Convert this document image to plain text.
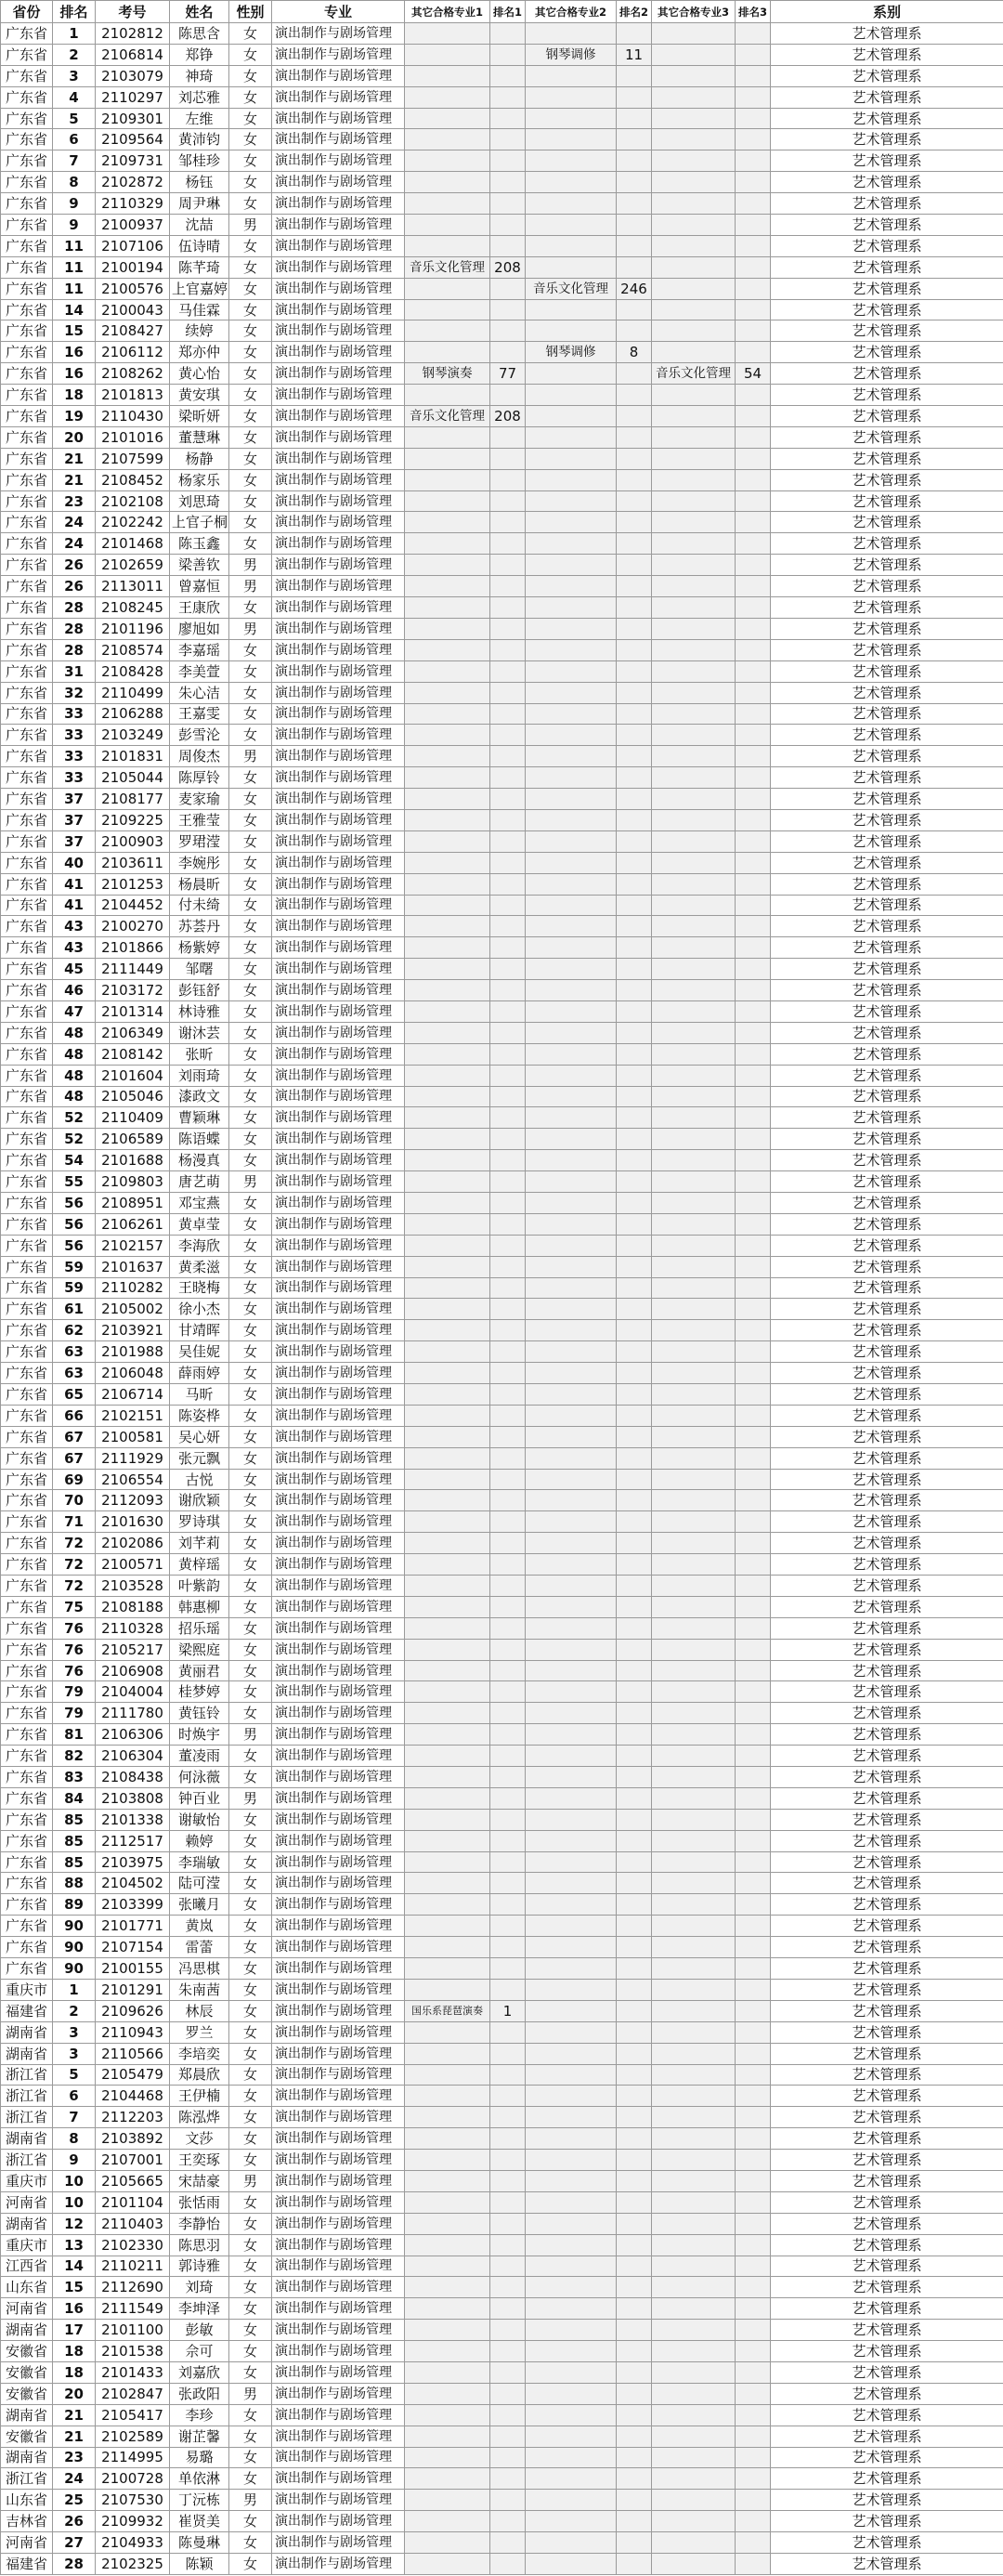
省份	排名	考号	姓名	性别	专业	其它合格专业1	排名1	其它合格专业2	排名2	其它合格专业3	排名3	系别
广东省	1	2102812	陈思含	女	演出制作与剧场管理							艺术管理系
广东省	2	2106814	郑铮	女	演出制作与剧场管理			钢琴调修	11			艺术管理系
广东省	3	2103079	神琦	女	演出制作与剧场管理							艺术管理系
广东省	4	2110297	刘芯雅	女	演出制作与剧场管理							艺术管理系
广东省	5	2109301	左维	女	演出制作与剧场管理							艺术管理系
广东省	6	2109564	黄沛钧	女	演出制作与剧场管理							艺术管理系
广东省	7	2109731	邹桂珍	女	演出制作与剧场管理							艺术管理系
广东省	8	2102872	杨钰	女	演出制作与剧场管理							艺术管理系
广东省	9	2110329	周尹琳	女	演出制作与剧场管理							艺术管理系
广东省	9	2100937	沈喆	男	演出制作与剧场管理							艺术管理系
广东省	11	2107106	伍诗晴	女	演出制作与剧场管理							艺术管理系
广东省	11	2100194	陈芊琦	女	演出制作与剧场管理	音乐文化管理	208					艺术管理系
广东省	11	2100576	上官嘉婷	女	演出制作与剧场管理			音乐文化管理	246			艺术管理系
广东省	14	2100043	马佳霖	女	演出制作与剧场管理							艺术管理系
广东省	15	2108427	续婷	女	演出制作与剧场管理							艺术管理系
广东省	16	2106112	郑亦仲	女	演出制作与剧场管理			钢琴调修	8			艺术管理系
广东省	16	2108262	黄心怡	女	演出制作与剧场管理	钢琴演奏	77			音乐文化管理	54	艺术管理系
广东省	18	2101813	黄安琪	女	演出制作与剧场管理							艺术管理系
广东省	19	2110430	梁昕妍	女	演出制作与剧场管理	音乐文化管理	208					艺术管理系
广东省	20	2101016	董慧琳	女	演出制作与剧场管理							艺术管理系
广东省	21	2107599	杨静	女	演出制作与剧场管理							艺术管理系
广东省	21	2108452	杨家乐	女	演出制作与剧场管理							艺术管理系
广东省	23	2102108	刘思琦	女	演出制作与剧场管理							艺术管理系
广东省	24	2102242	上官子桐	女	演出制作与剧场管理							艺术管理系
广东省	24	2101468	陈玉鑫	女	演出制作与剧场管理							艺术管理系
广东省	26	2102659	梁善钦	男	演出制作与剧场管理							艺术管理系
广东省	26	2113011	曾嘉恒	男	演出制作与剧场管理							艺术管理系
广东省	28	2108245	王康欣	女	演出制作与剧场管理							艺术管理系
广东省	28	2101196	廖旭如	男	演出制作与剧场管理							艺术管理系
广东省	28	2108574	李嘉瑶	女	演出制作与剧场管理							艺术管理系
广东省	31	2108428	李美萱	女	演出制作与剧场管理							艺术管理系
广东省	32	2110499	朱心洁	女	演出制作与剧场管理							艺术管理系
广东省	33	2106288	王嘉雯	女	演出制作与剧场管理							艺术管理系
广东省	33	2103249	彭雪沦	女	演出制作与剧场管理							艺术管理系
广东省	33	2101831	周俊杰	男	演出制作与剧场管理							艺术管理系
广东省	33	2105044	陈厚铃	女	演出制作与剧场管理							艺术管理系
广东省	37	2108177	麦家瑜	女	演出制作与剧场管理							艺术管理系
广东省	37	2109225	王雅莹	女	演出制作与剧场管理							艺术管理系
广东省	37	2100903	罗珺滢	女	演出制作与剧场管理							艺术管理系
广东省	40	2103611	李婉彤	女	演出制作与剧场管理							艺术管理系
广东省	41	2101253	杨晨昕	女	演出制作与剧场管理							艺术管理系
广东省	41	2104452	付未绮	女	演出制作与剧场管理							艺术管理系
广东省	43	2100270	苏荟丹	女	演出制作与剧场管理							艺术管理系
广东省	43	2101866	杨紫婷	女	演出制作与剧场管理							艺术管理系
广东省	45	2111449	邹曙	女	演出制作与剧场管理							艺术管理系
广东省	46	2103172	彭钰舒	女	演出制作与剧场管理							艺术管理系
广东省	47	2101314	林诗雅	女	演出制作与剧场管理							艺术管理系
广东省	48	2106349	谢沐芸	女	演出制作与剧场管理							艺术管理系
广东省	48	2108142	张昕	女	演出制作与剧场管理							艺术管理系
广东省	48	2101604	刘雨琦	女	演出制作与剧场管理							艺术管理系
广东省	48	2105046	漆政文	女	演出制作与剧场管理							艺术管理系
广东省	52	2110409	曹颖琳	女	演出制作与剧场管理							艺术管理系
广东省	52	2106589	陈语蝶	女	演出制作与剧场管理							艺术管理系
广东省	54	2101688	杨漫真	女	演出制作与剧场管理							艺术管理系
广东省	55	2109803	唐艺萌	男	演出制作与剧场管理							艺术管理系
广东省	56	2108951	邓宝燕	女	演出制作与剧场管理							艺术管理系
广东省	56	2106261	黄卓莹	女	演出制作与剧场管理							艺术管理系
广东省	56	2102157	李海欣	女	演出制作与剧场管理							艺术管理系
广东省	59	2101637	黄柔滋	女	演出制作与剧场管理							艺术管理系
广东省	59	2110282	王晓梅	女	演出制作与剧场管理							艺术管理系
广东省	61	2105002	徐小杰	女	演出制作与剧场管理							艺术管理系
广东省	62	2103921	甘靖晖	女	演出制作与剧场管理							艺术管理系
广东省	63	2101988	吴佳妮	女	演出制作与剧场管理							艺术管理系
广东省	63	2106048	薛雨婷	女	演出制作与剧场管理							艺术管理系
广东省	65	2106714	马昕	女	演出制作与剧场管理							艺术管理系
广东省	66	2102151	陈姿桦	女	演出制作与剧场管理							艺术管理系
广东省	67	2100581	吴心妍	女	演出制作与剧场管理							艺术管理系
广东省	67	2111929	张元飘	女	演出制作与剧场管理							艺术管理系
广东省	69	2106554	古悦	女	演出制作与剧场管理							艺术管理系
广东省	70	2112093	谢欣颖	女	演出制作与剧场管理							艺术管理系
广东省	71	2101630	罗诗琪	女	演出制作与剧场管理							艺术管理系
广东省	72	2102086	刘芊莉	女	演出制作与剧场管理							艺术管理系
广东省	72	2100571	黄梓瑶	女	演出制作与剧场管理							艺术管理系
广东省	72	2103528	叶紫韵	女	演出制作与剧场管理							艺术管理系
广东省	75	2108188	韩惠柳	女	演出制作与剧场管理							艺术管理系
广东省	76	2110328	招乐瑶	女	演出制作与剧场管理							艺术管理系
广东省	76	2105217	梁熙庭	女	演出制作与剧场管理							艺术管理系
广东省	76	2106908	黄丽君	女	演出制作与剧场管理							艺术管理系
广东省	79	2104004	桂梦婷	女	演出制作与剧场管理							艺术管理系
广东省	79	2111780	黄钰铃	女	演出制作与剧场管理							艺术管理系
广东省	81	2106306	时焕宇	男	演出制作与剧场管理							艺术管理系
广东省	82	2106304	董凌雨	女	演出制作与剧场管理							艺术管理系
广东省	83	2108438	何泳薇	女	演出制作与剧场管理							艺术管理系
广东省	84	2103808	钟百业	男	演出制作与剧场管理							艺术管理系
广东省	85	2101338	谢敏怡	女	演出制作与剧场管理							艺术管理系
广东省	85	2112517	赖婷	女	演出制作与剧场管理							艺术管理系
广东省	85	2103975	李瑞敏	女	演出制作与剧场管理							艺术管理系
广东省	88	2104502	陆可滢	女	演出制作与剧场管理							艺术管理系
广东省	89	2103399	张曦月	女	演出制作与剧场管理							艺术管理系
广东省	90	2101771	黄岚	女	演出制作与剧场管理							艺术管理系
广东省	90	2107154	雷蕾	女	演出制作与剧场管理							艺术管理系
广东省	90	2100155	冯思棋	女	演出制作与剧场管理							艺术管理系
重庆市	1	2101291	朱南茜	女	演出制作与剧场管理							艺术管理系
福建省	2	2109626	林辰	女	演出制作与剧场管理	国乐系琵琶演奏	1					艺术管理系
湖南省	3	2110943	罗兰	女	演出制作与剧场管理							艺术管理系
湖南省	3	2110566	李培奕	女	演出制作与剧场管理							艺术管理系
浙江省	5	2105479	郑晨欣	女	演出制作与剧场管理							艺术管理系
浙江省	6	2104468	王伊楠	女	演出制作与剧场管理							艺术管理系
浙江省	7	2112203	陈泓烨	女	演出制作与剧场管理							艺术管理系
湖南省	8	2103892	文莎	女	演出制作与剧场管理							艺术管理系
浙江省	9	2107001	王奕琢	女	演出制作与剧场管理							艺术管理系
重庆市	10	2105665	宋喆豪	男	演出制作与剧场管理							艺术管理系
河南省	10	2101104	张恬雨	女	演出制作与剧场管理							艺术管理系
湖南省	12	2110403	李静怡	女	演出制作与剧场管理							艺术管理系
重庆市	13	2102330	陈思羽	女	演出制作与剧场管理							艺术管理系
江西省	14	2110211	郭诗雅	女	演出制作与剧场管理							艺术管理系
山东省	15	2112690	刘琦	女	演出制作与剧场管理							艺术管理系
河南省	16	2111549	李坤泽	女	演出制作与剧场管理							艺术管理系
湖南省	17	2101100	彭敏	女	演出制作与剧场管理							艺术管理系
安徽省	18	2101538	佘可	女	演出制作与剧场管理							艺术管理系
安徽省	18	2101433	刘嘉欣	女	演出制作与剧场管理							艺术管理系
安徽省	20	2102847	张政阳	男	演出制作与剧场管理							艺术管理系
湖南省	21	2105417	李珍	女	演出制作与剧场管理							艺术管理系
安徽省	21	2102589	谢芷馨	女	演出制作与剧场管理							艺术管理系
湖南省	23	2114995	易璐	女	演出制作与剧场管理							艺术管理系
浙江省	24	2100728	单依淋	女	演出制作与剧场管理							艺术管理系
山东省	25	2107530	丁沅栋	男	演出制作与剧场管理							艺术管理系
吉林省	26	2109932	崔贤美	女	演出制作与剧场管理							艺术管理系
河南省	27	2104933	陈曼琳	女	演出制作与剧场管理							艺术管理系
福建省	28	2102325	陈颖	女	演出制作与剧场管理							艺术管理系
